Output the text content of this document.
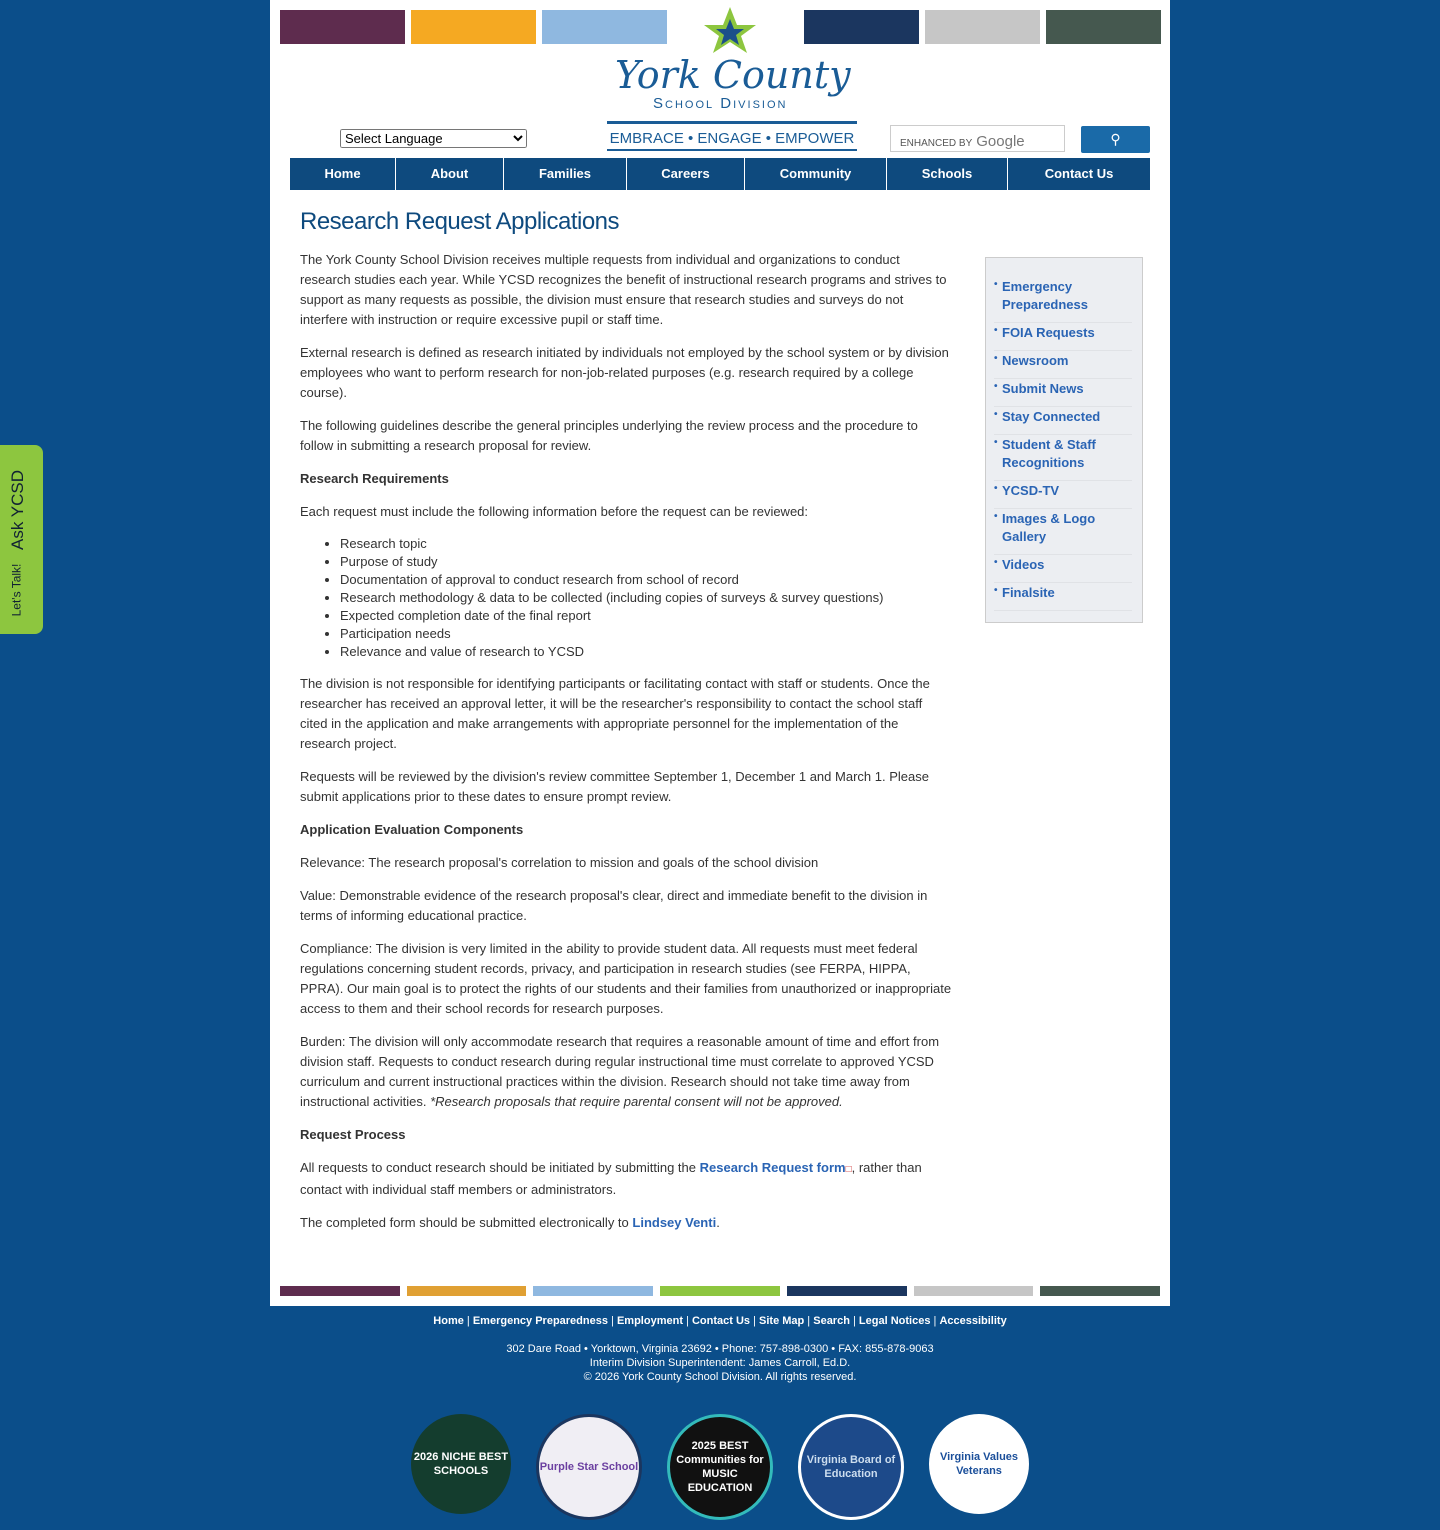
York County
School Division
EMBRACE • ENGAGE • EMPOWER
Select Language	ENHANCED BY Google	⚲
Home	About	Families	Careers	Community	Schools	Contact Us
Research Request Applications

The York County School Division receives multiple requests from individual and organizations to conduct research studies each year. While YCSD recognizes the benefit of instructional research programs and strives to support as many requests as possible, the division must ensure that research studies and surveys do not interfere with instruction or require excessive pupil or staff time.

External research is defined as research initiated by individuals not employed by the school system or by division employees who want to perform research for non-job-related purposes (e.g. research required by a college course).

The following guidelines describe the general principles underlying the review process and the procedure to follow in submitting a research proposal for review.

Research Requirements

Each request must include the following information before the request can be reviewed:

• Research topic
• Purpose of study
• Documentation of approval to conduct research from school of record
• Research methodology & data to be collected (including copies of surveys & survey questions)
• Expected completion date of the final report
• Participation needs
• Relevance and value of research to YCSD

The division is not responsible for identifying participants or facilitating contact with staff or students. Once the researcher has received an approval letter, it will be the researcher's responsibility to contact the school staff cited in the application and make arrangements with appropriate personnel for the implementation of the research project.

Requests will be reviewed by the division's review committee September 1, December 1 and March 1. Please submit applications prior to these dates to ensure prompt review.

Application Evaluation Components

Relevance: The research proposal's correlation to mission and goals of the school division

Value: Demonstrable evidence of the research proposal's clear, direct and immediate benefit to the division in terms of informing educational practice.

Compliance: The division is very limited in the ability to provide student data. All requests must meet federal regulations concerning student records, privacy, and participation in research studies (see FERPA, HIPPA, PPRA). Our main goal is to protect the rights of our students and their families from unauthorized or inappropriate access to them and their school records for research purposes.

Burden: The division will only accommodate research that requires a reasonable amount of time and effort from division staff. Requests to conduct research during regular instructional time must correlate to approved YCSD curriculum and current instructional practices within the division. Research should not take time away from instructional activities. *Research proposals that require parental consent will not be approved.

Request Process

All requests to conduct research should be initiated by submitting the Research Request form□, rather than contact with individual staff members or administrators.

The completed form should be submitted electronically to Lindsey Venti.

• Emergency Preparedness
• FOIA Requests
• Newsroom
• Submit News
• Stay Connected
• Student & Staff Recognitions
• YCSD-TV
• Images & Logo Gallery
• Videos
• Finalsite
Home | Emergency Preparedness | Employment | Contact Us | Site Map | Search | Legal Notices | Accessibility
302 Dare Road • Yorktown, Virginia 23692 • Phone: 757-898-0300 • FAX: 855-878-9063
Interim Division Superintendent: James Carroll, Ed.D.
© 2026 York County School Division. All rights reserved.
2026 NICHE BEST SCHOOLS	Purple Star School
2025 BEST Communities for MUSIC EDUCATION
Virginia Board of Education
Virginia Values Veterans
Ask YCSD
Let's Talk!
